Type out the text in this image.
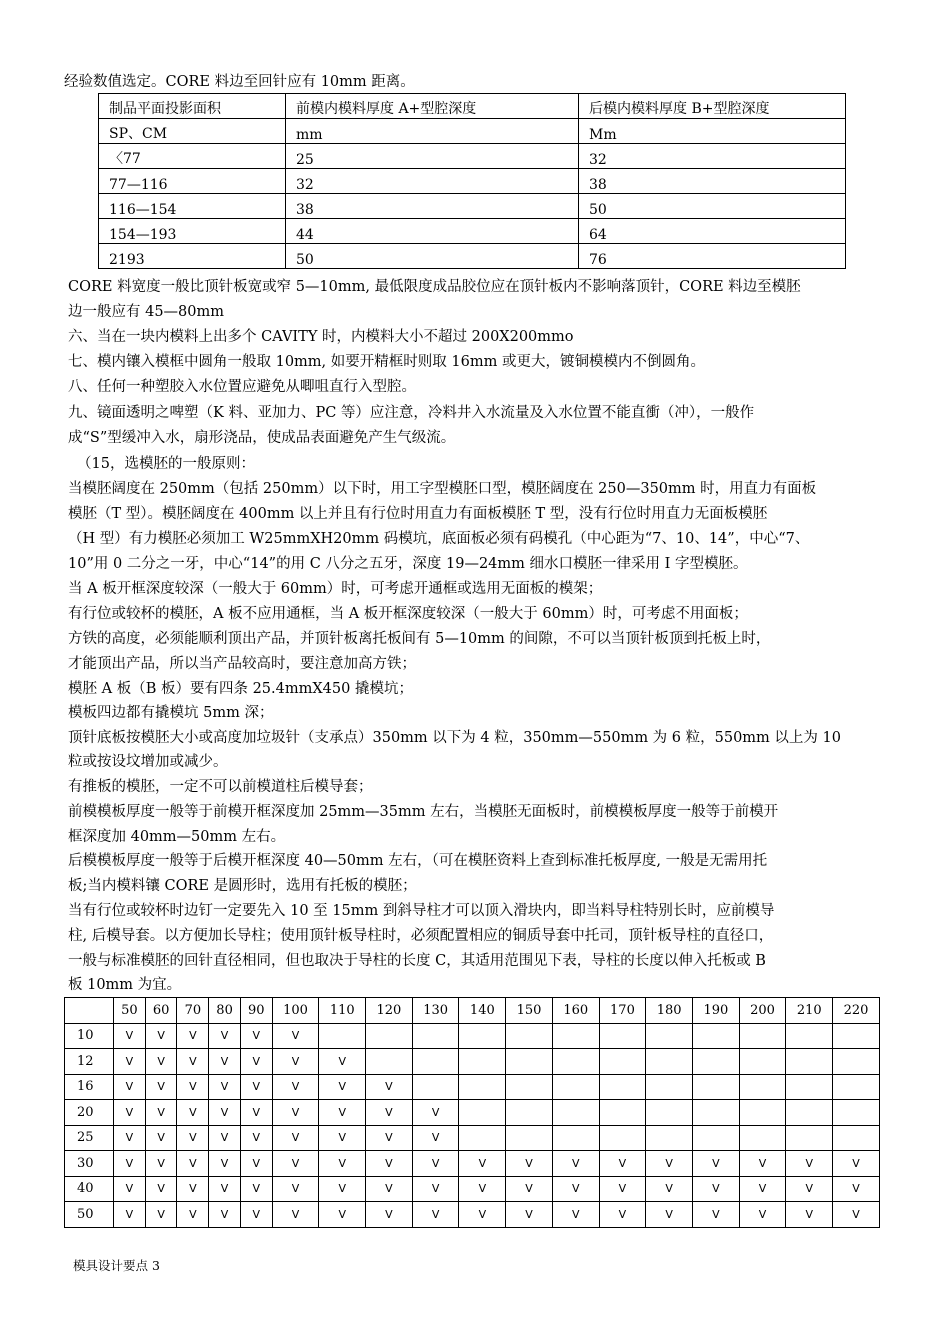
经验数值选定。CORE 料边至回针应有 10mm 距离。
制品平面投影面积	前模内模料厚度 A+型腔深度	后模内模料厚度 B+型腔深度
SP、CM	mm	Mm
〈77	25	32
77—116	32	38
116—154	38	50
154—193	44	64
2193	50	76
CORE 料宽度一般比顶针板宽或窄 5—10mm, 最低限度成品胶位应在顶针板内不影响落顶针，CORE 料边至模胚
边一般应有 45—80mm
六、当在一块内模料上出多个 CAVITY 时，内模料大小不超过 200X200mmo
七、模内镶入模框中圆角一般取 10mm, 如要开精框时则取 16mm 或更大，镀铜模模内不倒圆角。
八、任何一种塑胶入水位置应避免从唧咀直行入型腔。
九、镜面透明之啤塑（K 料、亚加力、PC 等）应注意，冷料井入水流量及入水位置不能直衝（冲），一般作
成“S”型缓冲入水，扇形浇品，使成品表面避免产生气级流。
（15，选模胚的一般原则：
当模胚阔度在 250mm（包括 250mm）以下时，用工字型模胚口型，模胚阔度在 250—350mm 时，用直力有面板
模胚（T 型）。模胚阔度在 400mm 以上并且有行位时用直力有面板模胚 T 型，没有行位时用直力无面板模胚
（H 型）有力模胚必须加工 W25mmXH20mm 码模坑，底面板必须有码模孔（中心距为“7、10、14”，中心“7、
10”用 0 二分之一牙，中心“14”的用 C 八分之五牙，深度 19—24mm 细水口模胚一律采用 I 字型模胚。
当 A 板开框深度较深（一般大于 60mm）时，可考虑开通框或选用无面板的模架；
有行位或较杯的模胚，A 板不应用通框，当 A 板开框深度较深（一般大于 60mm）时，可考虑不用面板；
方铁的高度，必须能顺利顶出产品，并顶针板离托板间有 5—10mm 的间隙，不可以当顶针板顶到托板上时，
才能顶出产品，所以当产品较高时，要注意加高方铁；
模胚 A 板（B 板）要有四条 25.4mmX450 撬模坑；
模板四边都有撬模坑 5mm 深；
顶针底板按模胚大小或高度加垃圾针（支承点）350mm 以下为 4 粒，350mm—550mm 为 6 粒，550mm 以上为 10
粒或按设坟增加或减少。
有推板的模胚，一定不可以前模道柱后模导套；
前模模板厚度一般等于前模开框深度加 25mm—35mm 左右，当模胚无面板时，前模模板厚度一般等于前模开
框深度加 40mm—50mm 左右。
后模模板厚度一般等于后模开框深度 40—50mm 左右，（可在模胚资料上查到标准托板厚度, 一般是无需用托
板;当内模料镶 CORE 是圆形时，选用有托板的模胚；
当有行位或较杯时边钉一定要先入 10 至 15mm 到斜导柱才可以顶入滑块内，即当料导柱特别长时，应前模导
柱, 后模导套。以方便加长导柱；使用顶针板导柱时，必须配置相应的铜质导套中托司，顶针板导柱的直径口，
一般与标准模胚的回针直径相同，但也取决于导柱的长度 C，其适用范围见下表，导柱的长度以伸入托板或 B
板 10mm 为宜。
	50	60	70	80	90	100	110	120	130	140	150	160	170	180	190	200	210	220
10	V	V	V	V	V	V												
12	V	V	V	V	V	V	V											
16	V	V	V	V	V	V	V	V										
20	V	V	V	V	V	V	V	V	V									
25	V	V	V	V	V	V	V	V	V									
30	V	V	V	V	V	V	V	V	V	V	V	V	V	V	V	V	V	V
40	V	V	V	V	V	V	V	V	V	V	V	V	V	V	V	V	V	V
50	V	V	V	V	V	V	V	V	V	V	V	V	V	V	V	V	V	V
模具设计要点 3
